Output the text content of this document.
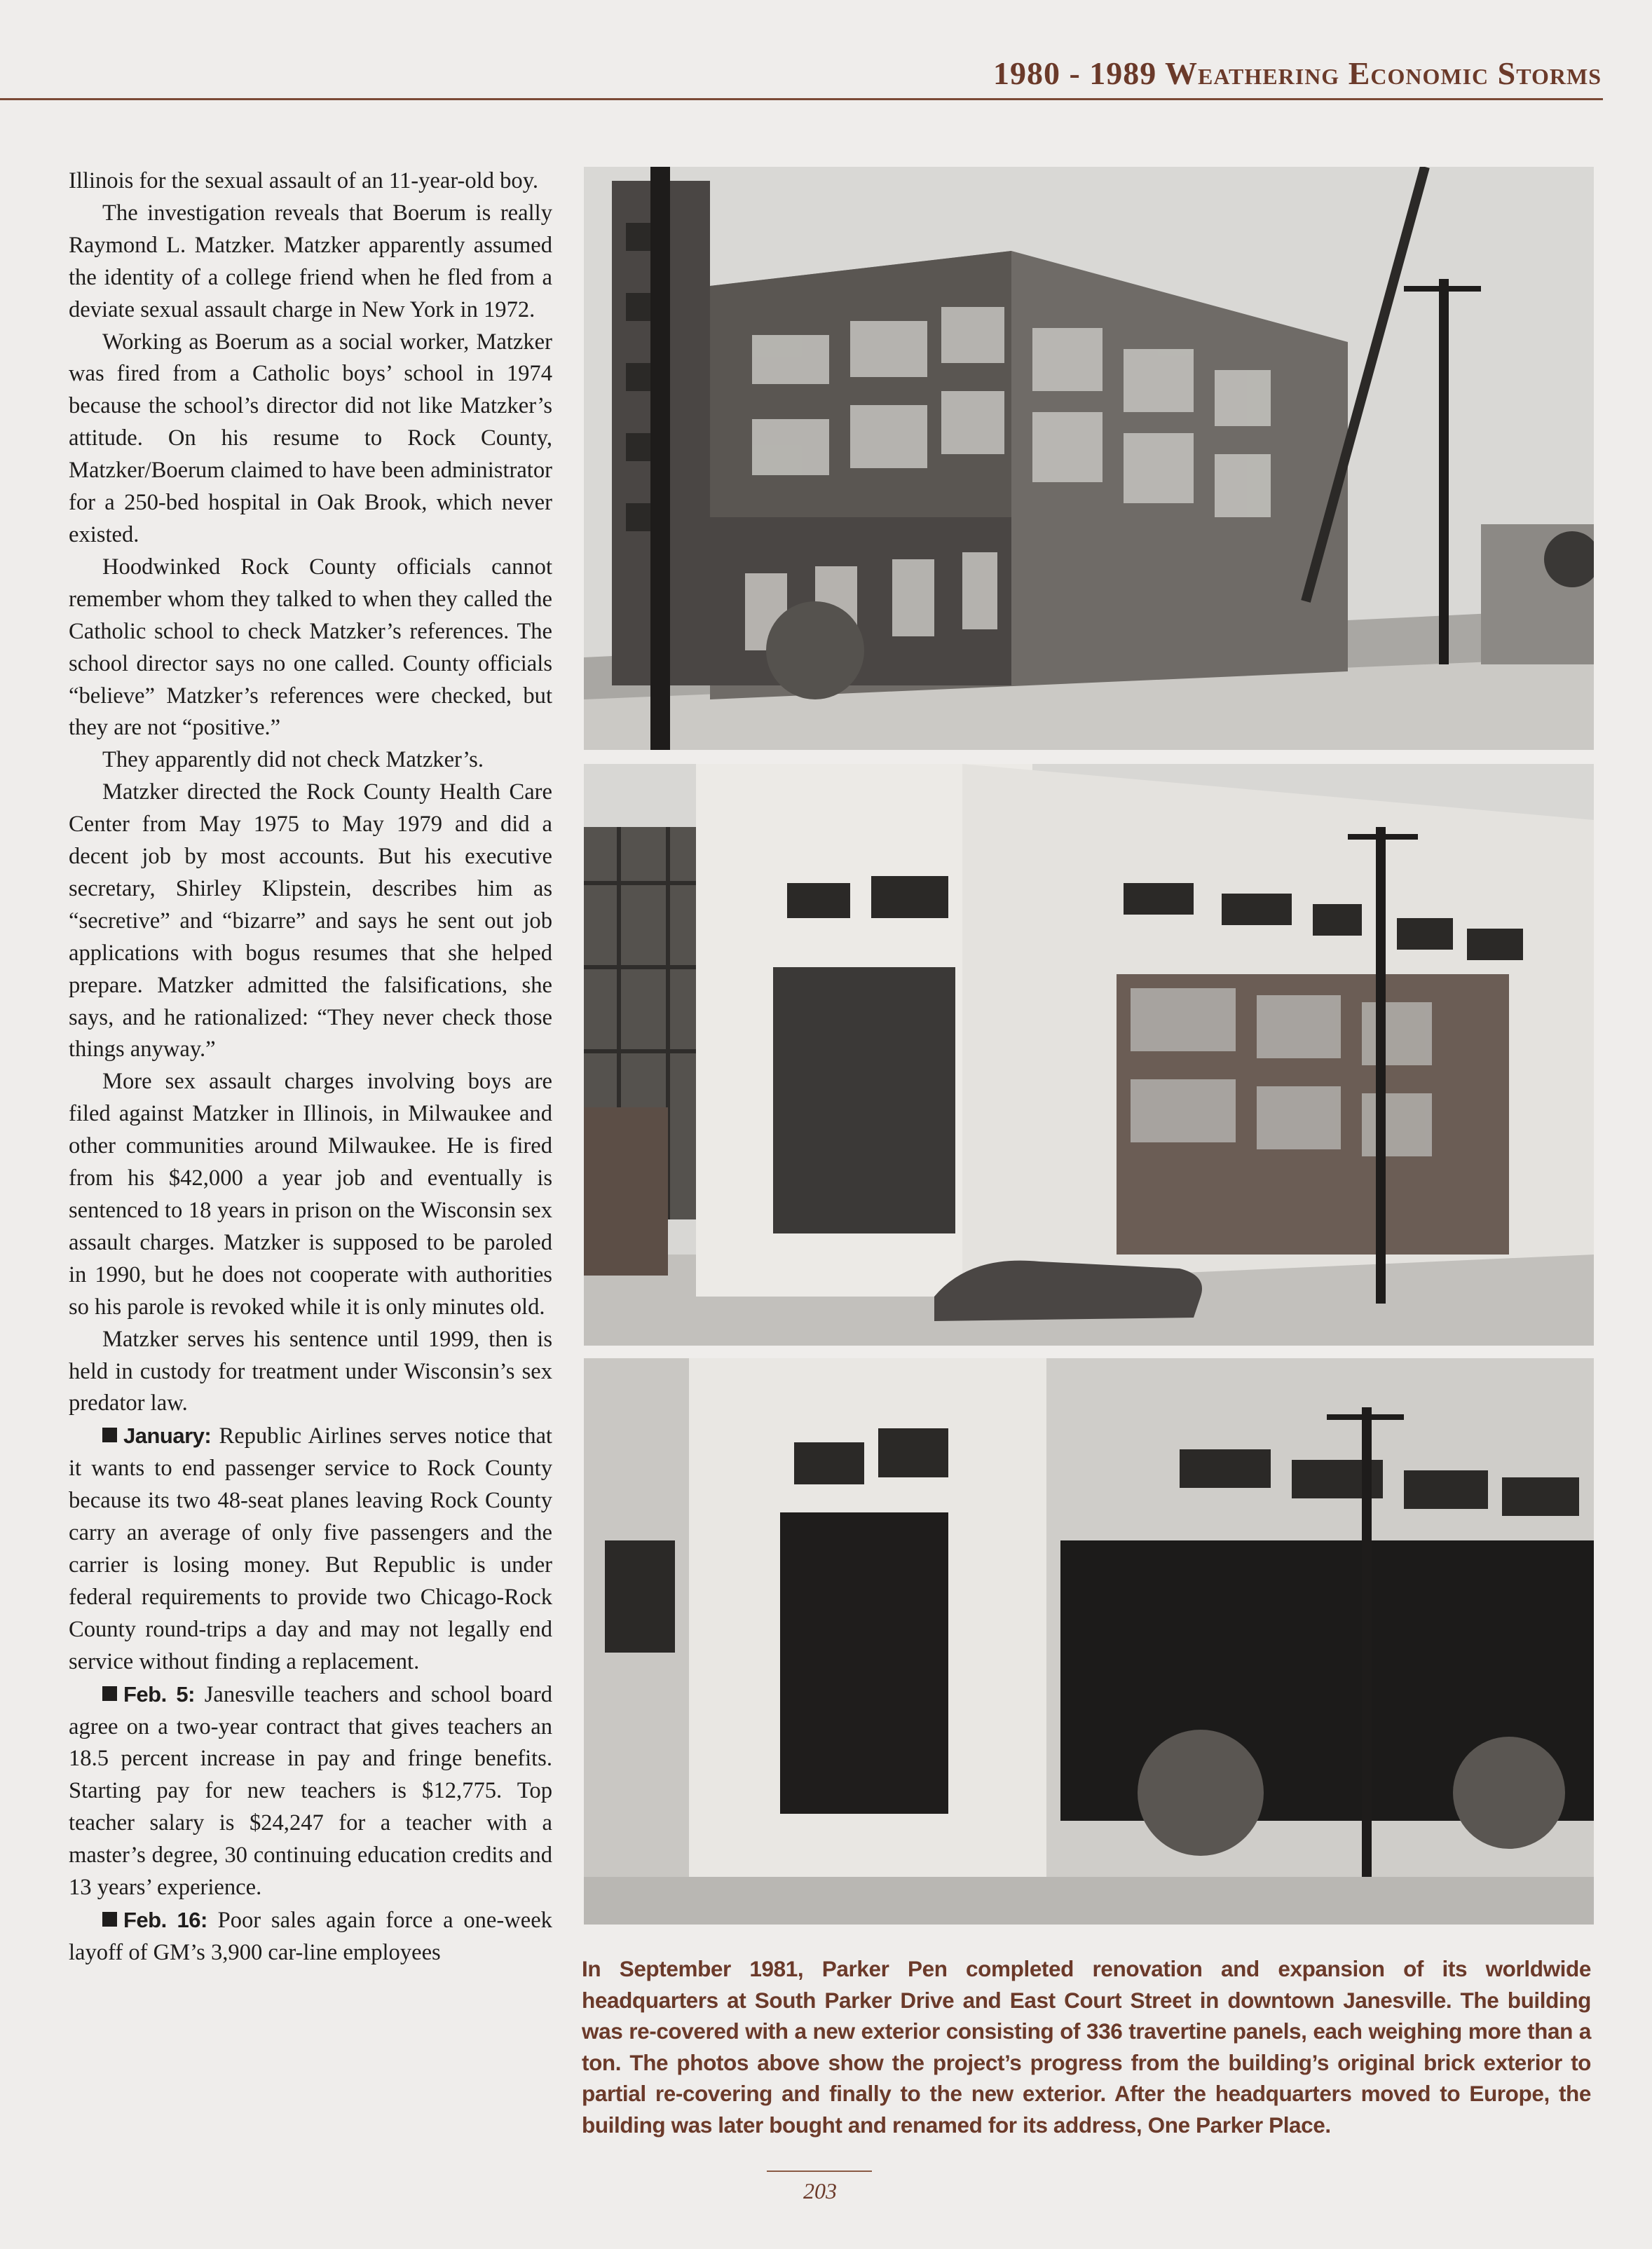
1980 - 1989 Weathering Economic Storms

Illinois for the sexual assault of an 11-year-old boy.

The investigation reveals that Boerum is really Raymond L. Matzker. Matzker apparently assumed the identity of a college friend when he fled from a deviate sexual assault charge in New York in 1972.

Working as Boerum as a social worker, Matzker was fired from a Catholic boys’ school in 1974 because the school’s director did not like Matzker’s attitude. On his resume to Rock County, Matzker/Boerum claimed to have been administrator for a 250-bed hospital in Oak Brook, which never existed.

Hoodwinked Rock County officials cannot remember whom they talked to when they called the Catholic school to check Matzker’s references. The school director says no one called. County officials “believe” Matzker’s references were checked, but they are not “positive.”

They apparently did not check Matzker’s.

Matzker directed the Rock County Health Care Center from May 1975 to May 1979 and did a decent job by most accounts. But his executive secretary, Shirley Klipstein, describes him as “secretive” and “bizarre” and says he sent out job applications with bogus resumes that she helped prepare. Matzker admitted the falsifications, she says, and he rationalized: “They never check those things anyway.”

More sex assault charges involving boys are filed against Matzker in Illinois, in Milwaukee and other communities around Milwaukee. He is fired from his $42,000 a year job and eventually is sentenced to 18 years in prison on the Wisconsin sex assault charges. Matzker is supposed to be paroled in 1990, but he does not cooperate with authorities so his parole is revoked while it is only minutes old.

Matzker serves his sentence until 1999, then is held in custody for treatment under Wisconsin’s sex predator law.

January: Republic Airlines serves notice that it wants to end passenger service to Rock County because its two 48-seat planes leaving Rock County carry an average of only five passengers and the carrier is losing money. But Republic is under federal requirements to provide two Chicago-Rock County round-trips a day and may not legally end service without finding a replacement.

Feb. 5: Janesville teachers and school board agree on a two-year contract that gives teachers an 18.5 percent increase in pay and fringe benefits. Starting pay for new teachers is $12,775. Top teacher salary is $24,247 for a teacher with a master’s degree, 30 continuing education credits and 13 years’ experience.

Feb. 16: Poor sales again force a one-week layoff of GM’s 3,900 car-line employees

In September 1981, Parker Pen completed renovation and expansion of its worldwide headquarters at South Parker Drive and East Court Street in downtown Janesville. The building was re-covered with a new exterior consisting of 336 travertine panels, each weighing more than a ton. The photos above show the project’s progress from the building’s original brick exterior to partial re-covering and finally to the new exterior. After the headquarters moved to Europe, the building was later bought and renamed for its address, One Parker Place.
203
